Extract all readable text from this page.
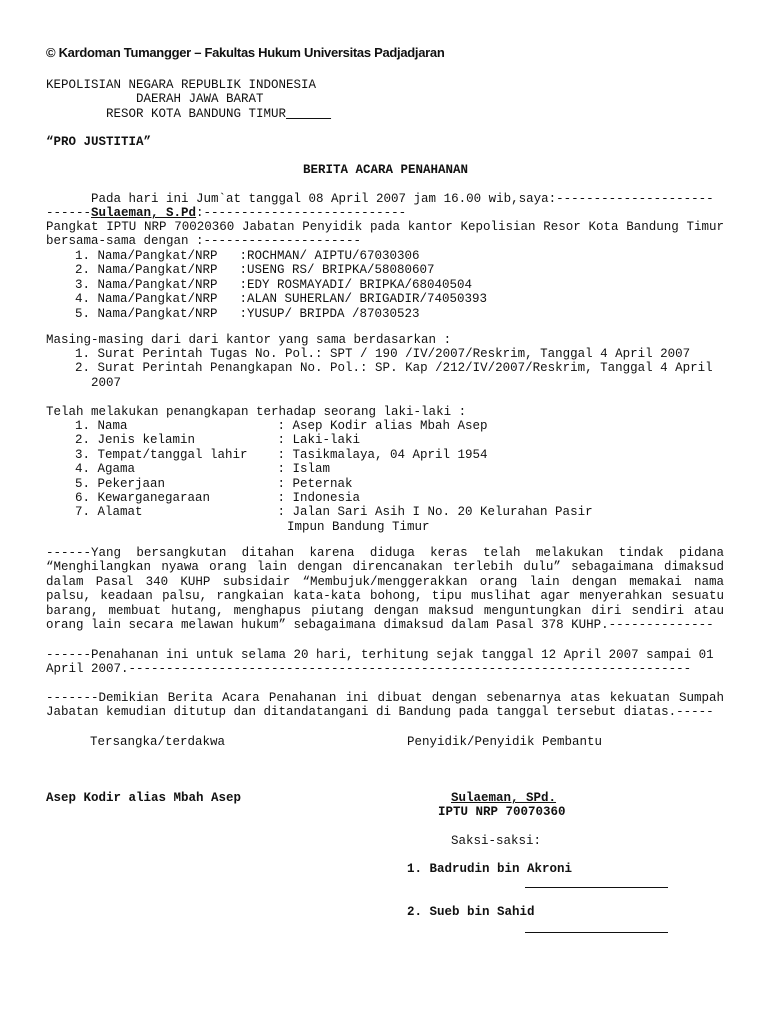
© Kardoman Tumangger – Fakultas Hukum Universitas Padjadjaran
KEPOLISIAN NEGARA REPUBLIK INDONESIA
DAERAH JAWA BARAT
RESOR KOTA BANDUNG TIMUR
“PRO JUSTITIA”
BERITA ACARA PENAHANAN
Pada hari ini Jum`at tanggal 08 April 2007 jam 16.00 wib,saya:---------------------
------Sulaeman, S.Pd:---------------------------
Pangkat IPTU NRP 70020360 Jabatan Penyidik pada kantor Kepolisian Resor Kota Bandung Timur bersama-sama dengan :---------------------
1. Nama/Pangkat/NRP :ROCHMAN/ AIPTU/67030306
2. Nama/Pangkat/NRP :USENG RS/ BRIPKA/58080607
3. Nama/Pangkat/NRP :EDY ROSMAYADI/ BRIPKA/68040504
4. Nama/Pangkat/NRP :ALAN SUHERLAN/ BRIGADIR/74050393
5. Nama/Pangkat/NRP :YUSUP/ BRIPDA /87030523
Masing-masing dari dari kantor yang sama berdasarkan :
1. Surat Perintah Tugas No. Pol.: SPT / 190 /IV/2007/Reskrim, Tanggal 4 April 2007
2. Surat Perintah Penangkapan No. Pol.: SP. Kap /212/IV/2007/Reskrim, Tanggal 4 April
2007
Telah melakukan penangkapan terhadap seorang laki-laki :
1. Nama	: Asep Kodir alias Mbah Asep
2. Jenis kelamin	: Laki-laki
3. Tempat/tanggal lahir : Tasikmalaya, 04 April 1954
4. Agama	: Islam
5. Pekerjaan	: Peternak
6. Kewarganegaraan	: Indonesia
7. Alamat	: Jalan Sari Asih I No. 20 Kelurahan Pasir
Impun Bandung Timur
------Yang bersangkutan ditahan karena diduga keras telah melakukan tindak pidana “Menghilangkan nyawa orang lain dengan direncanakan terlebih dulu” sebagaimana dimaksud dalam Pasal 340 KUHP subsidair “Membujuk/menggerakkan orang lain dengan memakai nama palsu, keadaan palsu, rangkaian kata-kata bohong, tipu muslihat agar menyerahkan sesuatu barang, membuat hutang, menghapus piutang dengan maksud menguntungkan diri sendiri atau orang lain secara melawan hukum” sebagaimana dimaksud dalam Pasal 378 KUHP.--------------
------Penahanan ini untuk selama 20 hari, terhitung sejak tanggal 12 April 2007 sampai 01
April 2007.---------------------------------------------------------------------------
-------Demikian Berita Acara Penahanan ini dibuat dengan sebenarnya atas kekuatan Sumpah Jabatan kemudian ditutup dan ditandatangani di Bandung pada tanggal tersebut diatas.-----
Tersangka/terdakwa	Penyidik/Penyidik Pembantu
Asep Kodir alias Mbah Asep	Sulaeman, SPd.
IPTU NRP 70070360
Saksi-saksi:
1. Badrudin bin Akroni
2. Sueb bin Sahid
